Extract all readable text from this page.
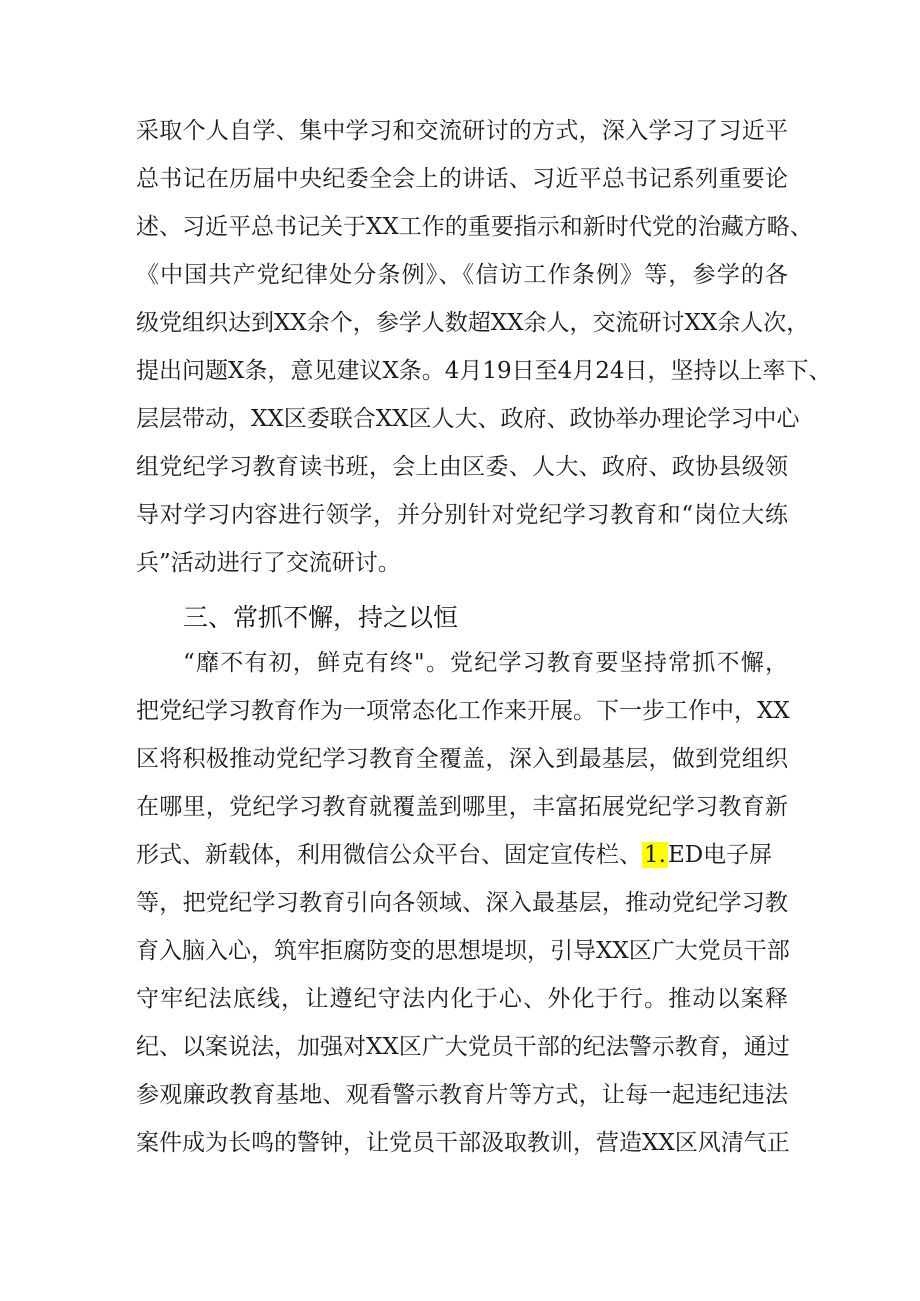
采取个人自学、集中学习和交流研讨的方式，深入学习了习近平
总书记在历届中央纪委全会上的讲话、习近平总书记系列重要论
述、习近平总书记关于XX工作的重要指示和新时代党的治藏方略、
《中国共产党纪律处分条例》、《信访工作条例》等，参学的各
级党组织达到XX余个，参学人数超XX余人，交流研讨XX余人次，
提出问题X条，意见建议X条。4月19日至4月24日，坚持以上率下、
层层带动，XX区委联合XX区人大、政府、政协举办理论学习中心
组党纪学习教育读书班，会上由区委、人大、政府、政协县级领
导对学习内容进行领学，并分别针对党纪学习教育和“岗位大练
兵”活动进行了交流研讨。
三、常抓不懈，持之以恒
“靡不有初，鲜克有终"。党纪学习教育要坚持常抓不懈，
把党纪学习教育作为一项常态化工作来开展。下一步工作中，XX
区将积极推动党纪学习教育全覆盖，深入到最基层，做到党组织
在哪里，党纪学习教育就覆盖到哪里，丰富拓展党纪学习教育新
形式、新载体，利用微信公众平台、固定宣传栏、1.ED电子屏
等，把党纪学习教育引向各领域、深入最基层，推动党纪学习教
育入脑入心，筑牢拒腐防变的思想堤坝，引导XX区广大党员干部
守牢纪法底线，让遵纪守法内化于心、外化于行。推动以案释
纪、以案说法，加强对XX区广大党员干部的纪法警示教育，通过
参观廉政教育基地、观看警示教育片等方式，让每一起违纪违法
案件成为长鸣的警钟，让党员干部汲取教训，营造XX区风清气正
